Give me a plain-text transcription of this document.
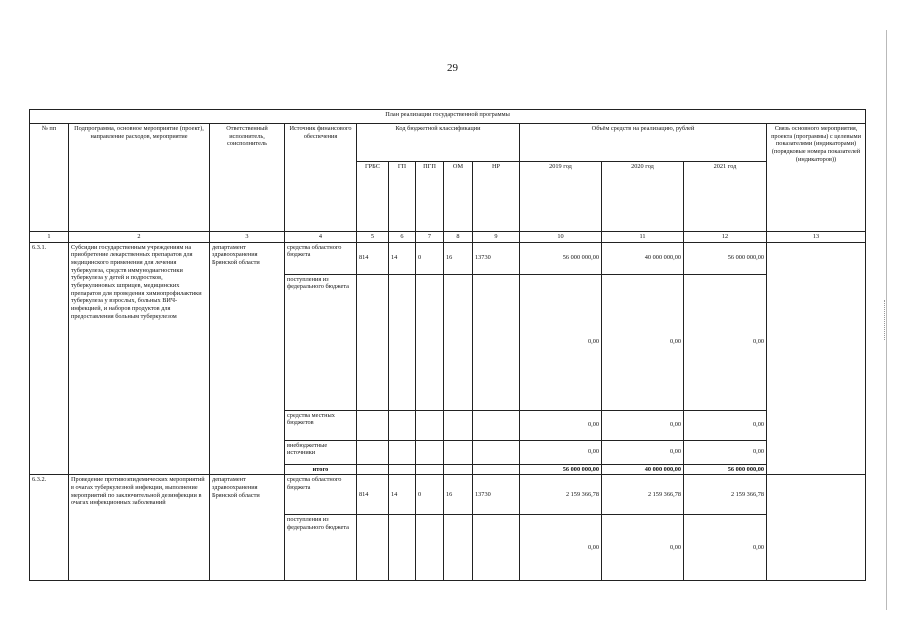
29
План реализации государственной программы												
№ пп	Подпрограмма, основное мероприятие (проект), направление расходов, мероприятие	Ответственный исполнитель, соисполнитель	Источник финансового обеспечения	Код бюджетной классификации					Объём средств на реализацию, рублей			Связь основного мероприятия, проекта (программы) с целевыми показателями (индикаторами) (порядковые номера показателей (индикаторов))
				ГРБС	ГП	ПГП	ОМ	НР	2019 год	2020 год	2021 год	
1	2	3	4	5	6	7	8	9	10	11	12	13
6.3.1.	Субсидии государственным учреждениям на приобретение лекарственных препаратов для медицинского применения для лечения туберкулеза, средств иммунодиагностики туберкулеза у детей и подростков, туберкулиновых шприцев, медицинских препаратов для проведения химиопрофилактики туберкулеза у взрослых, больных ВИЧ-инфекцией, и наборов продуктов для предоставления больным туберкулезом	департамент здравоохранения Брянской области	средства областного бюджета	814	14	0	16	13730	56 000 000,00	40 000 000,00	56 000 000,00	
			поступления из федерального бюджета						0,00	0,00	0,00	
			средства местных бюджетов						0,00	0,00	0,00	
			внебюджетные источники						0,00	0,00	0,00	
			итого						56 000 000,00	40 000 000,00	56 000 000,00	
6.3.2.	Проведение противоэпидемических мероприятий в очагах туберкулезной инфекции, выполнение мероприятий по заключительной дезинфекции в очагах инфекционных заболеваний	департамент здравоохранения Брянской области	средства областного бюджета	814	14	0	16	13730	2 159 366,78	2 159 366,78	2 159 366,78	
			поступления из федерального бюджета						0,00	0,00	0,00	
